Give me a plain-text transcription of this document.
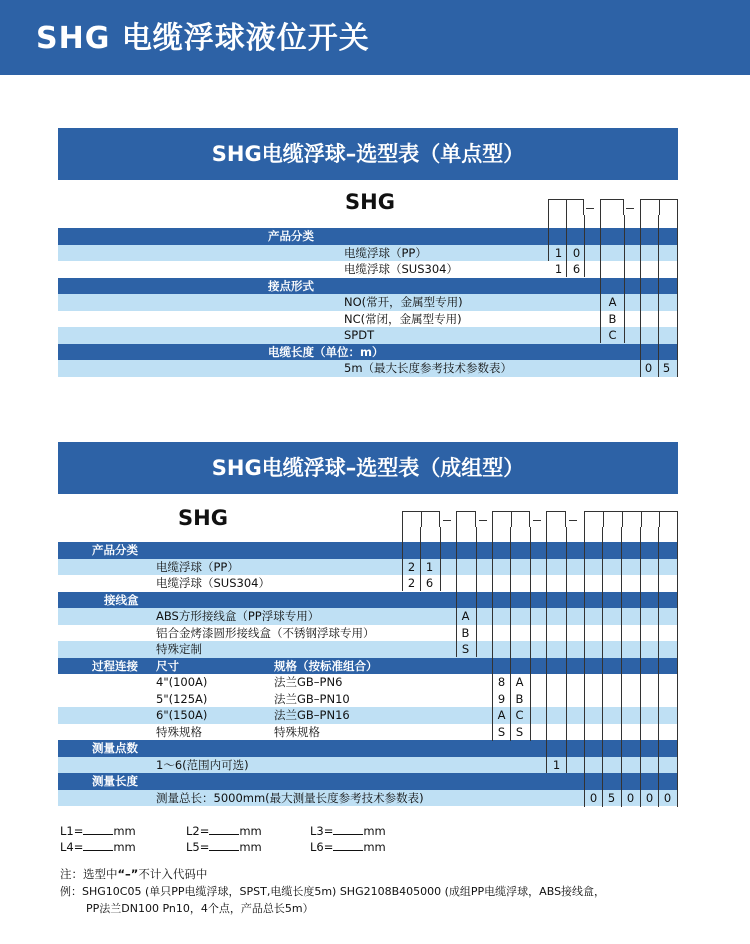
SHG 电缆浮球液位开关
SHG电缆浮球–选型表（单点型）
SHG
产品分类
电缆浮球（PP）	1 0
电缆浮球（SUS304）	1 6
接点形式
NO(常开，金属型专用)	A
NC(常闭，金属型专用)	B
SPDT	C
电缆长度（单位：m）
5m（最大长度参考技术参数表）	0 5
SHG电缆浮球–选型表（成组型）
SHG
产品分类
电缆浮球（PP）	2 1
电缆浮球（SUS304）	2 6
接线盒
ABS方形接线盒（PP浮球专用）	A
铝合金烤漆圆形接线盒（不锈钢浮球专用）	B
特殊定制	S
过程连接 尺寸	规格（按标准组合）
4"(100A)	法兰GB–PN6	8 A
5"(125A)	法兰GB–PN10	9 B
6"(150A)	法兰GB–PN16	A C
特殊规格	特殊规格	S S
测量点数
1～6(范围内可选)	1
测量长度
测量总长：5000mm(最大测量长度参考技术参数表)	0 5	0	0 0
L1=	mm	L2=	mm	L3=	mm
L4=	mm	L5=	mm	L6=	mm
注：选型中“–”不计入代码中
例：SHG10C05 (单只PP电缆浮球，SPST,电缆长度5m) SHG2108B405000 (成组PP电缆浮球，ABS接线盒，
PP法兰DN100 Pn10，4个点，产品总长5m）
